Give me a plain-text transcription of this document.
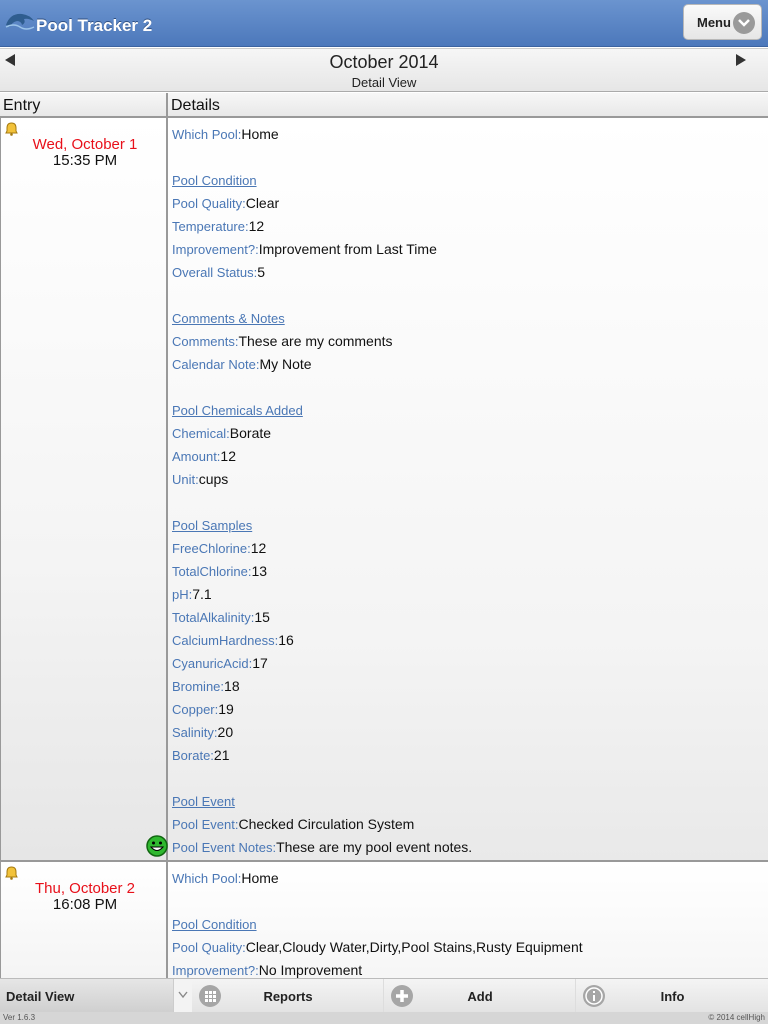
Pool Tracker 2	Menu
October 2014
Detail View
Entry	Details
Wed, October 1
15:35 PM
Which Pool:Home
Pool Condition
Pool Quality:Clear
Temperature:12
Improvement?:Improvement from Last Time
Overall Status:5
Comments & Notes
Comments:These are my comments
Calendar Note:My Note
Pool Chemicals Added
Chemical:Borate
Amount:12
Unit:cups
Pool Samples
FreeChlorine:12
TotalChlorine:13
pH:7.1
TotalAlkalinity:15
CalciumHardness:16
CyanuricAcid:17
Bromine:18
Copper:19
Salinity:20
Borate:21
Pool Event
Pool Event:Checked Circulation System
Pool Event Notes:These are my pool event notes.
Thu, October 2
16:08 PM
Which Pool:Home
Pool Condition
Pool Quality:Clear,Cloudy Water,Dirty,Pool Stains,Rusty Equipment
Improvement?:No Improvement
Detail View	Reports	Add	Info
Ver 1.6.3	© 2014 cellHigh
